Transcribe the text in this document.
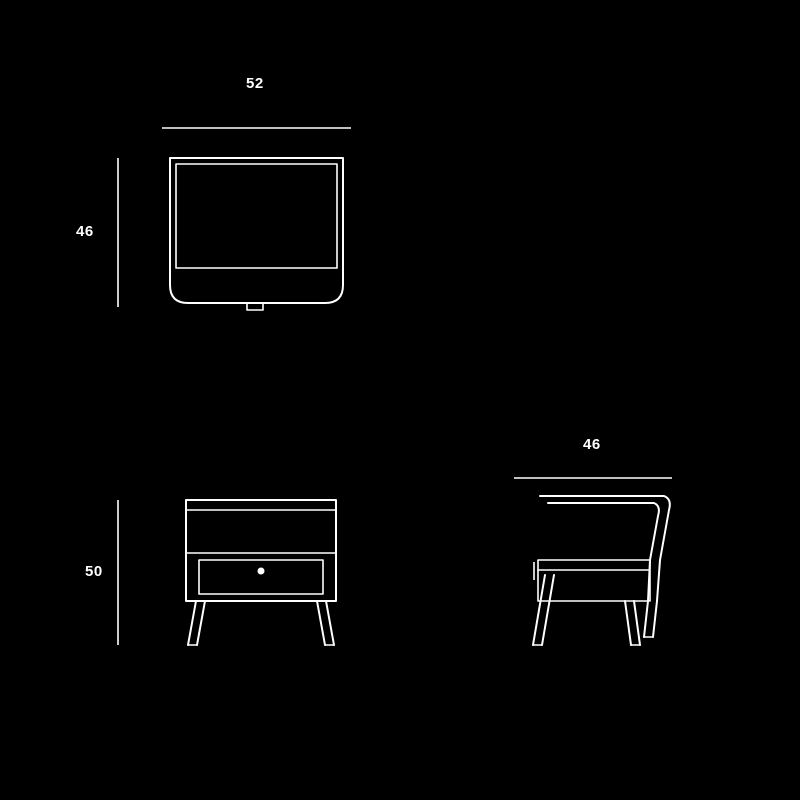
52
46
50
46
